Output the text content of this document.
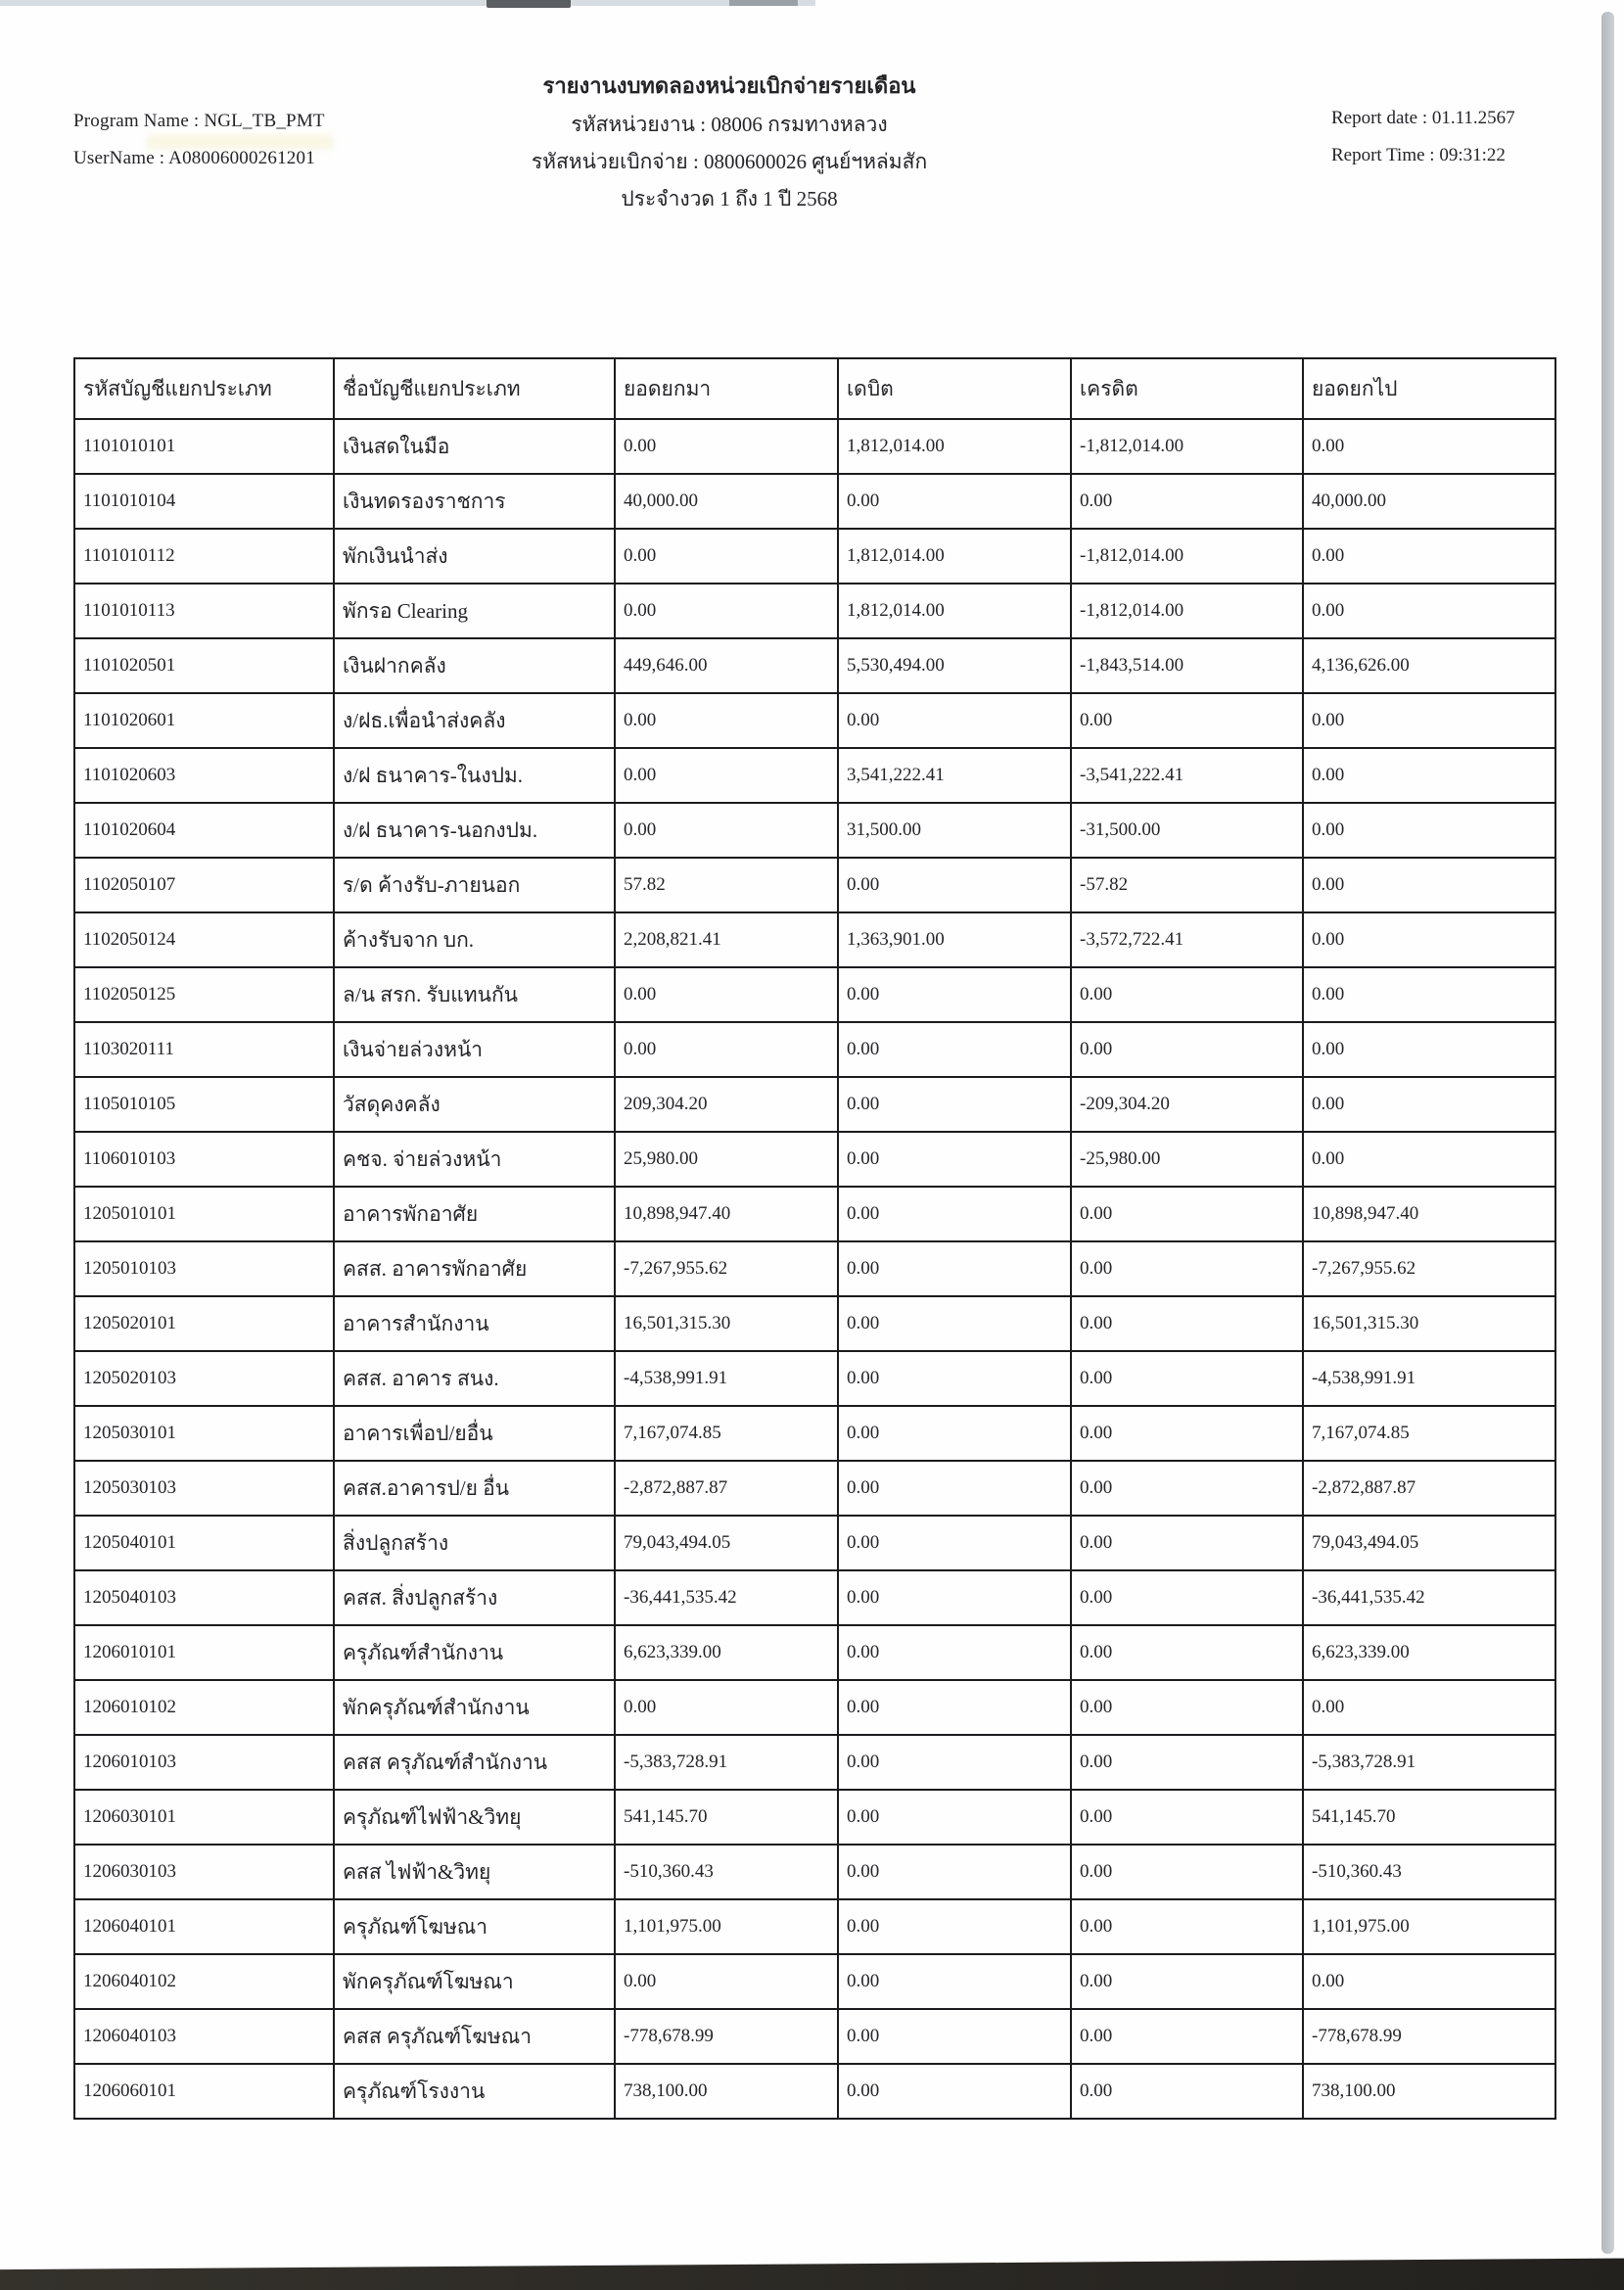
รายงานงบทดลองหน่วยเบิกจ่ายรายเดือน
Program Name : NGL_TB_PMT	รหัสหน่วยงาน : 08006 กรมทางหลวง	Report date : 01.11.2567
UserName : A08006000261201	รหัสหน่วยเบิกจ่าย : 0800600026 ศูนย์ฯหล่มสัก	Report Time : 09:31:22
ประจำงวด 1 ถึง 1 ปี 2568
รหัสบัญชีแยกประเภท	ชื่อบัญชีแยกประเภท	ยอดยกมา	เดบิต	เครดิต	ยอดยกไป
1101010101	เงินสดในมือ	0.00	1,812,014.00	-1,812,014.00	0.00
1101010104	เงินทดรองราชการ	40,000.00	0.00	0.00	40,000.00
1101010112	พักเงินนำส่ง	0.00	1,812,014.00	-1,812,014.00	0.00
1101010113	พักรอ Clearing	0.00	1,812,014.00	-1,812,014.00	0.00
1101020501	เงินฝากคลัง	449,646.00	5,530,494.00	-1,843,514.00	4,136,626.00
1101020601	ง/ฝธ.เพื่อนำส่งคลัง	0.00	0.00	0.00	0.00
1101020603	ง/ฝ ธนาคาร-ในงปม.	0.00	3,541,222.41	-3,541,222.41	0.00
1101020604	ง/ฝ ธนาคาร-นอกงปม.	0.00	31,500.00	-31,500.00	0.00
1102050107	ร/ด ค้างรับ-ภายนอก	57.82	0.00	-57.82	0.00
1102050124	ค้างรับจาก บก.	2,208,821.41	1,363,901.00	-3,572,722.41	0.00
1102050125	ล/น สรก. รับแทนกัน	0.00	0.00	0.00	0.00
1103020111	เงินจ่ายล่วงหน้า	0.00	0.00	0.00	0.00
1105010105	วัสดุคงคลัง	209,304.20	0.00	-209,304.20	0.00
1106010103	คชจ. จ่ายล่วงหน้า	25,980.00	0.00	-25,980.00	0.00
1205010101	อาคารพักอาศัย	10,898,947.40	0.00	0.00	10,898,947.40
1205010103	คสส. อาคารพักอาศัย	-7,267,955.62	0.00	0.00	-7,267,955.62
1205020101	อาคารสำนักงาน	16,501,315.30	0.00	0.00	16,501,315.30
1205020103	คสส. อาคาร สนง.	-4,538,991.91	0.00	0.00	-4,538,991.91
1205030101	อาคารเพื่อป/ยอื่น	7,167,074.85	0.00	0.00	7,167,074.85
1205030103	คสส.อาคารป/ย อื่น	-2,872,887.87	0.00	0.00	-2,872,887.87
1205040101	สิ่งปลูกสร้าง	79,043,494.05	0.00	0.00	79,043,494.05
1205040103	คสส. สิ่งปลูกสร้าง	-36,441,535.42	0.00	0.00	-36,441,535.42
1206010101	ครุภัณฑ์สำนักงาน	6,623,339.00	0.00	0.00	6,623,339.00
1206010102	พักครุภัณฑ์สำนักงาน	0.00	0.00	0.00	0.00
1206010103	คสส ครุภัณฑ์สำนักงาน	-5,383,728.91	0.00	0.00	-5,383,728.91
1206030101	ครุภัณฑ์ไฟฟ้า&วิทยุ	541,145.70	0.00	0.00	541,145.70
1206030103	คสส ไฟฟ้า&วิทยุ	-510,360.43	0.00	0.00	-510,360.43
1206040101	ครุภัณฑ์โฆษณา	1,101,975.00	0.00	0.00	1,101,975.00
1206040102	พักครุภัณฑ์โฆษณา	0.00	0.00	0.00	0.00
1206040103	คสส ครุภัณฑ์โฆษณา	-778,678.99	0.00	0.00	-778,678.99
1206060101	ครุภัณฑ์โรงงาน	738,100.00	0.00	0.00	738,100.00
